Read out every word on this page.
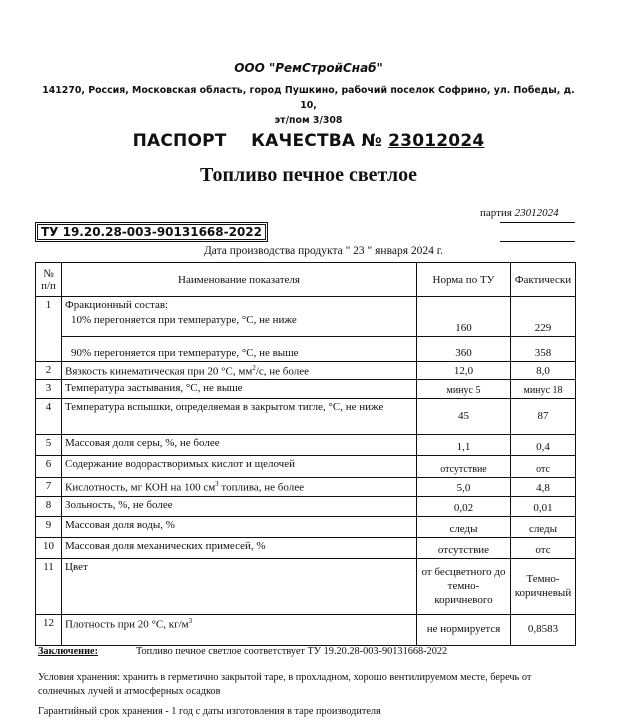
ООО "РемСтройСнаб"
141270, Россия, Московская область, город Пушкино, рабочий поселок Софрино, ул. Победы, д. 10,
эт/пом 3/308
ПАСПОРТ    КАЧЕСТВА № 23012024
Топливо печное светлое
партия 23012024
ТУ 19.20.28-003-90131668-2022
Дата производства продукта " 23 " января 2024 г.
№
п/п	Наименование показателя	Норма по ТУ	Фактически
1	Фракционный состав:
10% перегоняется при температуре, °С, не ниже	160	229
	90% перегоняется при температуре, °С, не выше	360	358
2	Вязкость кинематическая при 20 °С, $мм^2/с$, не более	12,0	8,0
3	Температура застывания, °С, не выше	минус 5	минус 18
4	Температура вспышки, определяемая в закрытом тигле, °С, не ниже	45	87
5	Массовая доля серы, %, не более	1,1	0,4
6	Содержание водорастворимых кислот и щелочей	отсутствие	отс
7	Кислотность, мг КОН на 100 $см^3$ топлива, не более	5,0	4,8
8	Зольность, %, не более	0,02	0,01
9	Массовая доля воды, %	следы	следы
10	Массовая доля механических примесей, %	отсутствие	отс
11	Цвет	от бесцветного до темно-коричневого	Темно-коричневый
12	Плотность при 20 °С, $кг/м^3$	не нормируется	0,8583
Заключение:	Топливо печное светлое соответствует ТУ 19.20.28-003-90131668-2022
Условия хранения: хранить в герметично закрытой таре, в прохладном, хорошо вентилируемом месте, беречь от солнечных лучей и атмосферных осадков
Гарантийный срок хранения - 1 год с даты изготовления в таре производителя
